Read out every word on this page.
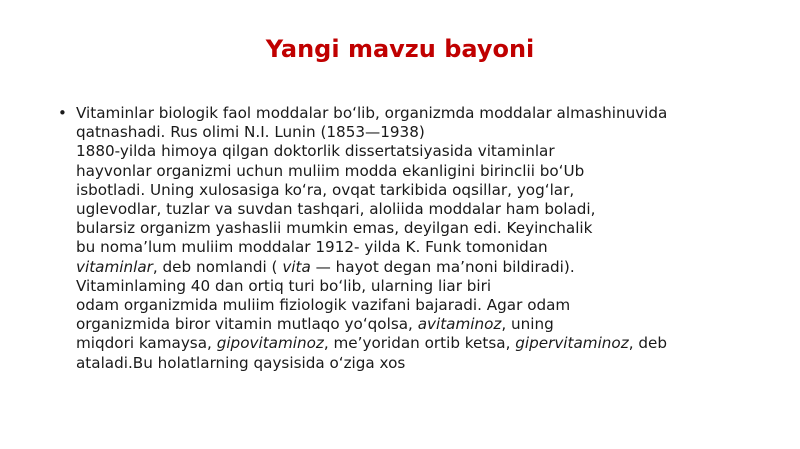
Yangi mavzu bayoni
• Vitaminlar biologik faol moddalar boʻlib, organizmda moddalar almashinuvida
qatnashadi. Rus olimi N.I. Lunin (1853—1938)
1880-yilda himoya qilgan doktorlik dissertatsiyasida vitaminlar
hayvonlar organizmi uchun muliim modda ekanligini birinclii boʻUb
isbotladi. Uning xulosasiga koʻra, ovqat tarkibida oqsillar, yogʻlar,
uglevodlar, tuzlar va suvdan tashqari, aloliida moddalar ham boladi,
bularsiz organizm yashaslii mumkin emas, deyilgan edi. Keyinchalik
bu nomaʼlum muliim moddalar 1912- yilda K. Funk tomonidan
vitaminlar, deb nomlandi ( vita — hayot degan maʼnoni bildiradi).
Vitaminlaming 40 dan ortiq turi boʻlib, ularning liar biri
odam organizmida muliim fiziologik vazifani bajaradi. Agar odam
organizmida biror vitamin mutlaqo yoʻqolsa, avitaminoz, uning
miqdori kamaysa, gipovitaminoz, meʼyoridan ortib ketsa, gipervitaminoz, deb
ataladi.Bu holatlarning qaysisida oʻziga xos
